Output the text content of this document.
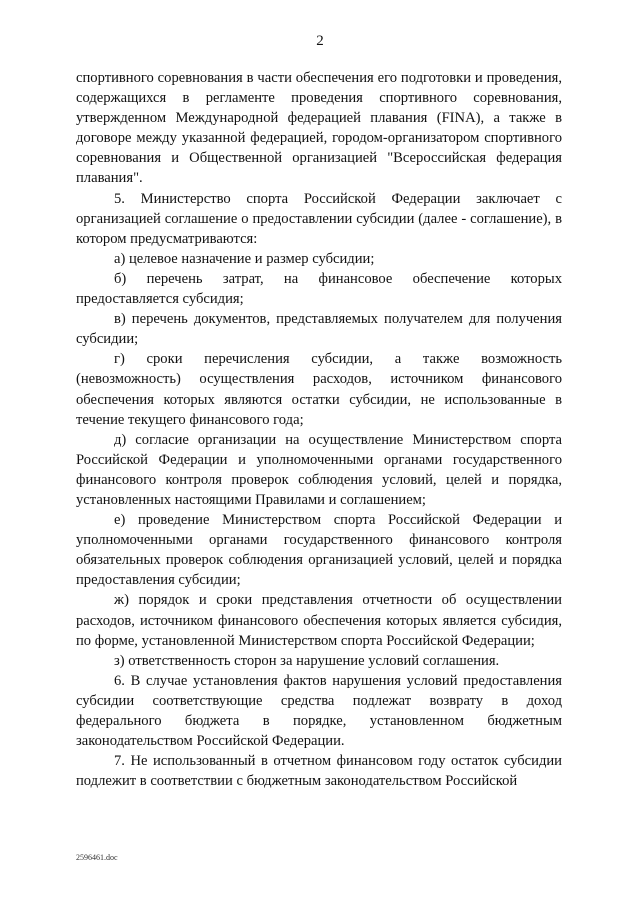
2

спортивного соревнования в части обеспечения его подготовки и проведения, содержащихся в регламенте проведения спортивного соревнования, утвержденном Международной федерацией плавания (FINA), а также в договоре между указанной федерацией, городом-организатором спортивного соревнования и Общественной организацией "Всероссийская федерация плавания".

5. Министерство спорта Российской Федерации заключает с организацией соглашение о предоставлении субсидии (далее - соглашение), в котором предусматриваются:

а) целевое назначение и размер субсидии;

б) перечень затрат, на финансовое обеспечение которых предоставляется субсидия;

в) перечень документов, представляемых получателем для получения субсидии;

г) сроки перечисления субсидии, а также возможность (невозможность) осуществления расходов, источником финансового обеспечения которых являются остатки субсидии, не использованные в течение текущего финансового года;

д) согласие организации на осуществление Министерством спорта Российской Федерации и уполномоченными органами государственного финансового контроля проверок соблюдения условий, целей и порядка, установленных настоящими Правилами и соглашением;

е) проведение Министерством спорта Российской Федерации и уполномоченными органами государственного финансового контроля обязательных проверок соблюдения организацией условий, целей и порядка предоставления субсидии;

ж) порядок и сроки представления отчетности об осуществлении расходов, источником финансового обеспечения которых является субсидия, по форме, установленной Министерством спорта Российской Федерации;

з) ответственность сторон за нарушение условий соглашения.

6. В случае установления фактов нарушения условий предоставления субсидии соответствующие средства подлежат возврату в доход федерального бюджета в порядке, установленном бюджетным законодательством Российской Федерации.

7. Не использованный в отчетном финансовом году остаток субсидии подлежит в соответствии с бюджетным законодательством Российской

2596461.doc
